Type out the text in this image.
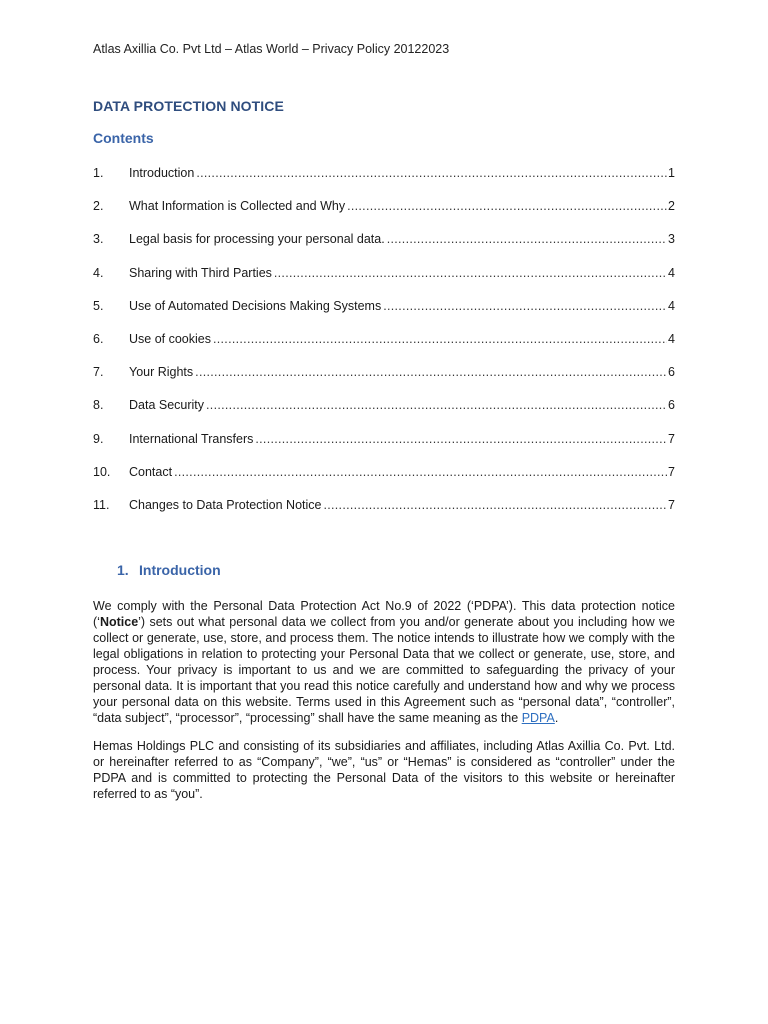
Atlas Axillia Co. Pvt Ltd – Atlas World – Privacy Policy 20122023
DATA PROTECTION NOTICE
Contents
1.	Introduction .....	1
2.	What Information is Collected and Why .....	2
3.	Legal basis for processing your personal data. .....	3
4.	Sharing with Third Parties .....	4
5.	Use of Automated Decisions Making Systems .....	4
6.	Use of cookies .....	4
7.	Your Rights .....	6
8.	Data Security .....	6
9.	International Transfers .....	7
10.	Contact .....	7
11.	Changes to Data Protection Notice .....	7
1. Introduction

We comply with the Personal Data Protection Act No.9 of 2022 (‘PDPA’). This data protection notice (‘Notice’) sets out what personal data we collect from you and/or generate about you including how we collect or generate, use, store, and process them. The notice intends to illustrate how we comply with the legal obligations in relation to protecting your Personal Data that we collect or generate, use, store, and process. Your privacy is important to us and we are committed to safeguarding the privacy of your personal data. It is important that you read this notice carefully and understand how and why we process your personal data on this website. Terms used in this Agreement such as “personal data”, “controller”, “data subject”, “processor”, “processing” shall have the same meaning as the PDPA.

Hemas Holdings PLC and consisting of its subsidiaries and affiliates, including Atlas Axillia Co. Pvt. Ltd. or hereinafter referred to as “Company”, “we”, “us” or “Hemas” is considered as “controller” under the PDPA and is committed to protecting the Personal Data of the visitors to this website or hereinafter referred to as “you”.
